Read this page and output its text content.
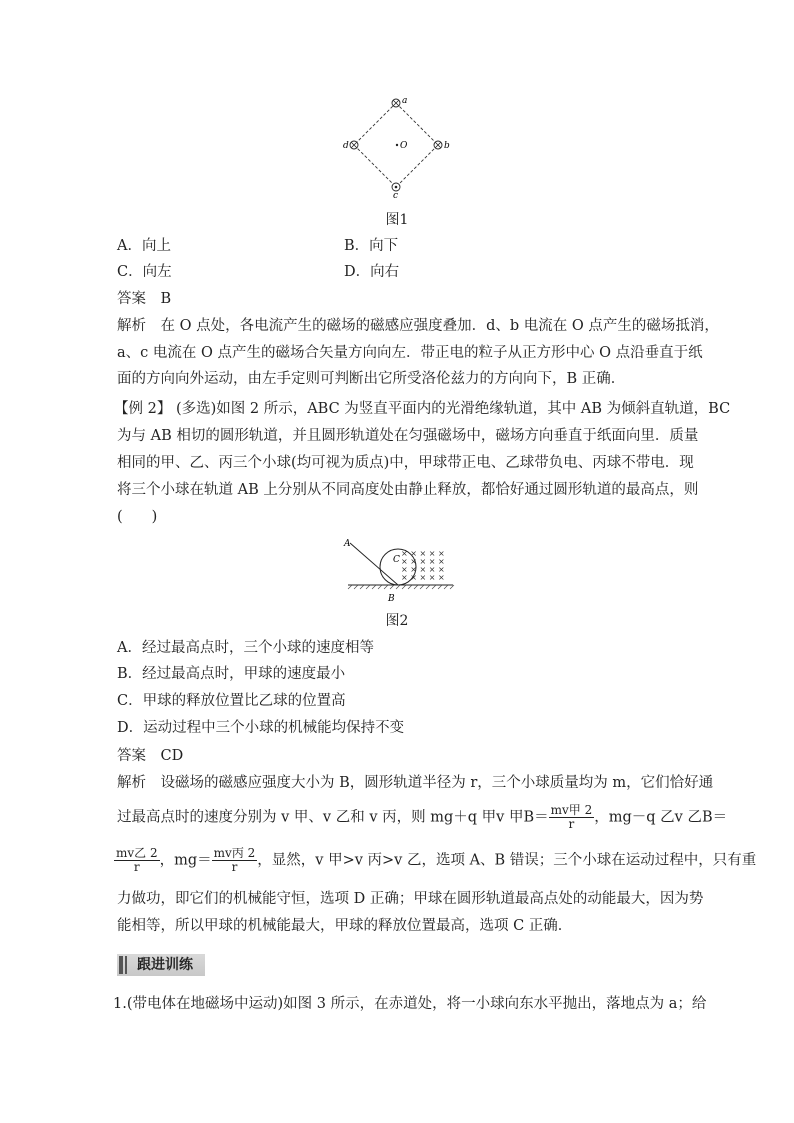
a
b
c
d	O
图1
A．向上	B．向下
C．向左	D．向右
答案　B
解析　在 O 点处，各电流产生的磁场的磁感应强度叠加．d、b 电流在 O 点产生的磁场抵消，
a、c 电流在 O 点产生的磁场合矢量方向向左．带正电的粒子从正方形中心 O 点沿垂直于纸
面的方向向外运动，由左手定则可判断出它所受洛伦兹力的方向向下，B 正确．
【例 2】 (多选)如图 2 所示，ABC 为竖直平面内的光滑绝缘轨道，其中 AB 为倾斜直轨道，BC
为与 AB 相切的圆形轨道，并且圆形轨道处在匀强磁场中，磁场方向垂直于纸面向里．质量
相同的甲、乙、丙三个小球(均可视为质点)中，甲球带正电、乙球带负电、丙球不带电．现
将三个小球在轨道 AB 上分别从不同高度处由静止释放，都恰好通过圆形轨道的最高点，则
(　　)
× × × × ×
× × × × ×
× × × × ×
× × × × ×
A
B
C
图2
A．经过最高点时，三个小球的速度相等
B．经过最高点时，甲球的速度最小
C．甲球的释放位置比乙球的位置高
D．运动过程中三个小球的机械能均保持不变
答案　CD
解析　设磁场的磁感应强度大小为 B，圆形轨道半径为 r，三个小球质量均为 m，它们恰好通
过最高点时的速度分别为 v 甲、v 乙和 v 丙，则 mg＋q 甲v 甲$B= \frac{\text{mv甲 2}}{r}$ ，mg－q 乙v 乙B＝
$\frac{\text{mv乙 2}}{r}$ ，$mg= \frac{\text{mv丙 2}}{r}$ ，显然，v 甲>v 丙>v 乙，选项 A、B 错误；三个小球在运动过程中，只有重
力做功，即它们的机械能守恒，选项 D 正确；甲球在圆形轨道最高点处的动能最大，因为势
能相等，所以甲球的机械能最大，甲球的释放位置最高，选项 C 正确．
跟进训练
1.(带电体在地磁场中运动)如图 3 所示，在赤道处，将一小球向东水平抛出，落地点为 a；给
